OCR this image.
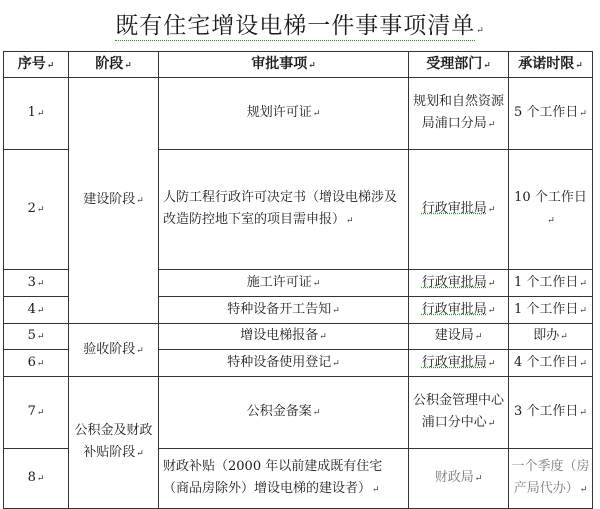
既有住宅增设电梯一件事事项清单↵
序号↵	阶段↵	审批事项↵	受理部门↵	承诺时限↵
1↵	建设阶段↵	规划许可证↵	规划和自然资源局浦口分局↵	5 个工作日↵
2↵		人防工程行政许可决定书（增设电梯涉及改造防控地下室的项目需申报）↵	行政审批局↵	10 个工作日↵
3↵		施工许可证↵	行政审批局↵	1 个工作日↵
4↵		特种设备开工告知↵	行政审批局↵	1 个工作日↵
5↵	验收阶段↵	增设电梯报备↵	建设局↵	即办↵
6↵		特种设备使用登记↵	行政审批局↵	4 个工作日↵
7↵	公积金及财政补贴阶段↵	公积金备案↵	公积金管理中心浦口分中心↵	3 个工作日↵
8↵		财政补贴（2000 年以前建成既有住宅（商品房除外）增设电梯的建设者）↵	财政局↵	一个季度（房产局代办）↵
